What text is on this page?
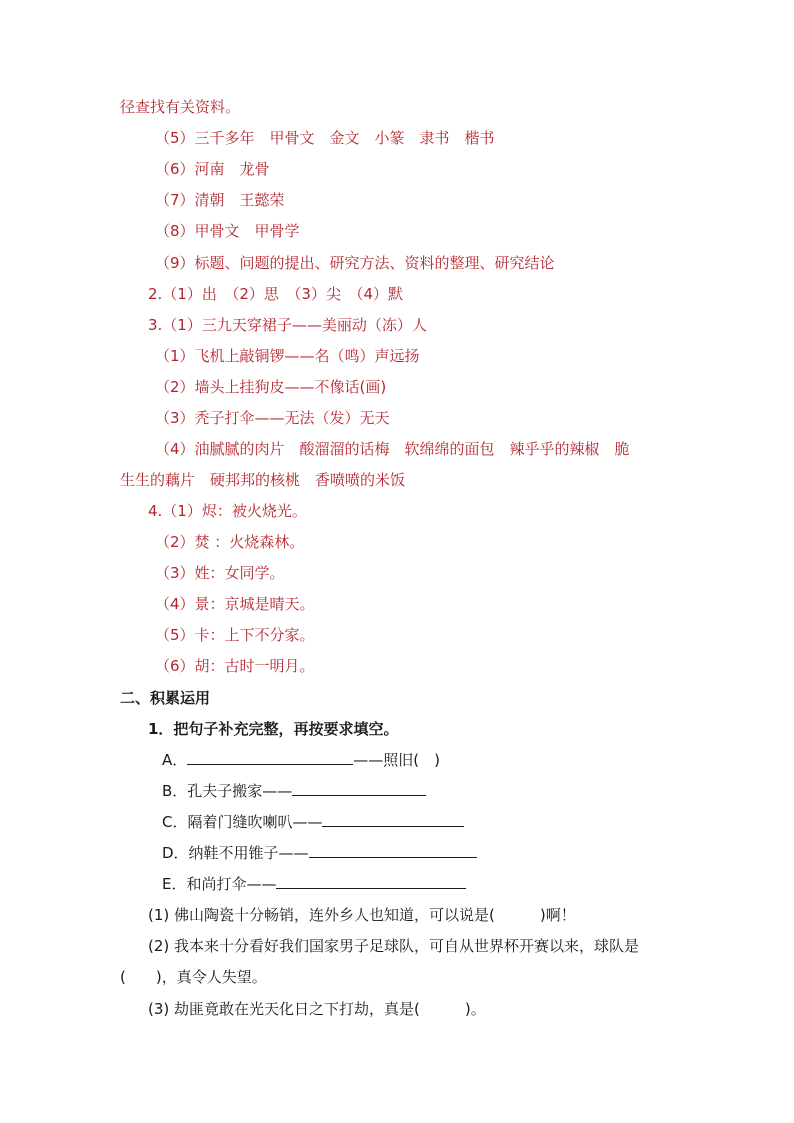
径查找有关资料。
（5）三千多年　甲骨文　金文　小篆　隶书　楷书
（6）河南　龙骨
（7）清朝　王懿荣
（8）甲骨文　甲骨学
（9）标题、问题的提出、研究方法、资料的整理、研究结论
2.（1）出　（2）思　（3）尖　（4）默
3.（1）三九天穿裙子——美丽动（冻）人
（1）飞机上敲铜锣——名（鸣）声远扬
（2）墙头上挂狗皮——不像话(画)
（3）秃子打伞——无法（发）无天
（4）油腻腻的肉片　酸溜溜的话梅　软绵绵的面包　辣乎乎的辣椒　脆
生生的藕片　硬邦邦的核桃　香喷喷的米饭
4.（1）烬：被火烧光。
（2）焚 ：火烧森林。
（3）姓：女同学。
（4）景：京城是晴天。
（5）卡：上下不分家。
（6）胡：古时一明月。
二、积累运用
1．把句子补充完整，再按要求填空。
A．	——照旧(　)
B．孔夫子搬家——
C．隔着门缝吹喇叭——
D．纳鞋不用锥子——
E．和尚打伞——
(1) 佛山陶瓷十分畅销，连外乡人也知道，可以说是(　　　)啊！
(2) 我本来十分看好我们国家男子足球队，可自从世界杯开赛以来，球队是
(　　)，真令人失望。
(3) 劫匪竟敢在光天化日之下打劫，真是(　　　)。
